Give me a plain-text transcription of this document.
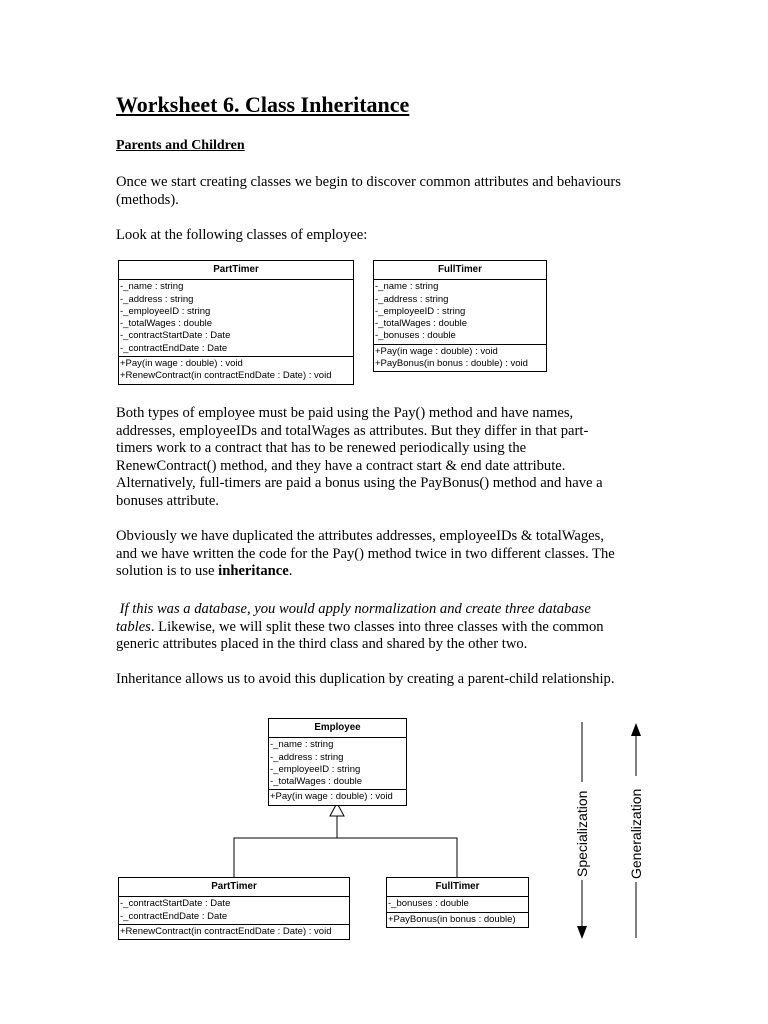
Worksheet 6. Class Inheritance
Parents and Children
Once we start creating classes we begin to discover common attributes and behaviours
(methods).
Look at the following classes of employee:
PartTimer
-_name : string
-_address : string
-_employeeID : string
-_totalWages : double
-_contractStartDate : Date
-_contractEndDate : Date
+Pay(in wage : double) : void
+RenewContract(in contractEndDate : Date) : void
FullTimer
-_name : string
-_address : string
-_employeeID : string
-_totalWages : double
-_bonuses : double
+Pay(in wage : double) : void
+PayBonus(in bonus : double) : void
Both types of employee must be paid using the Pay() method and have names,
addresses, employeeIDs and totalWages as attributes. But they differ in that part-
timers work to a contract that has to be renewed periodically using the
RenewContract() method, and they have a contract start & end date attribute.
Alternatively, full-timers are paid a bonus using the PayBonus() method and have a
bonuses attribute.
Obviously we have duplicated the attributes addresses, employeeIDs & totalWages,
and we have written the code for the Pay() method twice in two different classes. The
solution is to use inheritance.
If this was a database, you would apply normalization and create three database
tables. Likewise, we will split these two classes into three classes with the common
generic attributes placed in the third class and shared by the other two.
Inheritance allows us to avoid this duplication by creating a parent-child relationship.
Specialization	Generalization
Employee
-_name : string
-_address : string
-_employeeID : string
-_totalWages : double
+Pay(in wage : double) : void
PartTimer
-_contractStartDate : Date
-_contractEndDate : Date
+RenewContract(in contractEndDate : Date) : void
FullTimer
-_bonuses : double
+PayBonus(in bonus : double)
